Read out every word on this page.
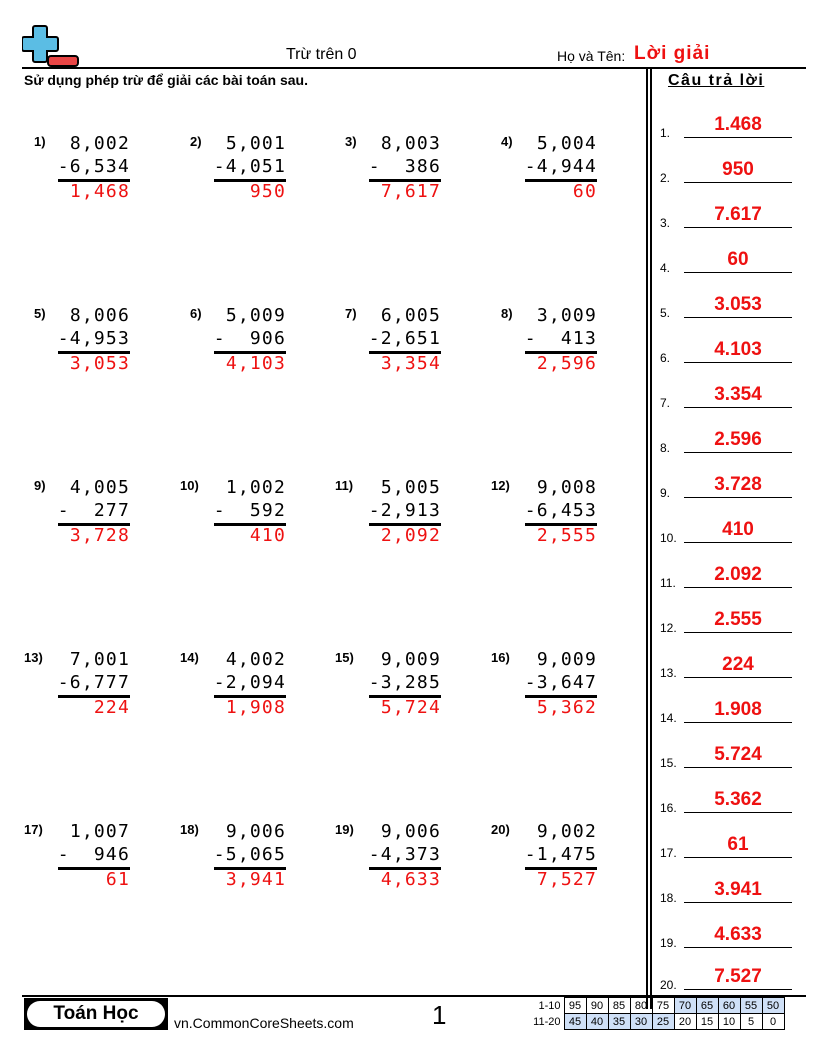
Trừ trên 0	Họ và Tên: Lời giải
Sử dụng phép trừ để giải các bài toán sau.	Câu trả lời
1) 8,002
-6,534
1,468
2) 5,001
-4,051
950
3) 8,003
-  386
7,617
4) 5,004
-4,944
60
5) 8,006
-4,953
3,053
6) 5,009
-  906
4,103
7) 6,005
-2,651
3,354
8) 3,009
-  413
2,596
9) 4,005
-  277
3,728
10) 1,002
-  592
410
11) 5,005
-2,913
2,092
12) 9,008
-6,453
2,555
13) 7,001
-6,777
224
14) 4,002
-2,094
1,908
15) 9,009
-3,285
5,724
16) 9,009
-3,647
5,362
17) 1,007
-  946
61
18) 9,006
-5,065
3,941
19) 9,006
-4,373
4,633
20) 9,002
-1,475
7,527
1.	1.468
2.	950
3.	7.617
4.	60
5.	3.053
6.	4.103
7.	3.354
8.	2.596
9.	3.728
10.	410
11.	2.092
12.	2.555
13.	224
14.	1.908
15.	5.724
16.	5.362
17.	61
18.	3.941
19.	4.633
20.	7.527
Toán Học	vn.CommonCoreSheets.com	1	1-10	95	90	85	80	75	70	65	60	55	50
11-20	45	40	35	30	25	20	15	10	5	0
